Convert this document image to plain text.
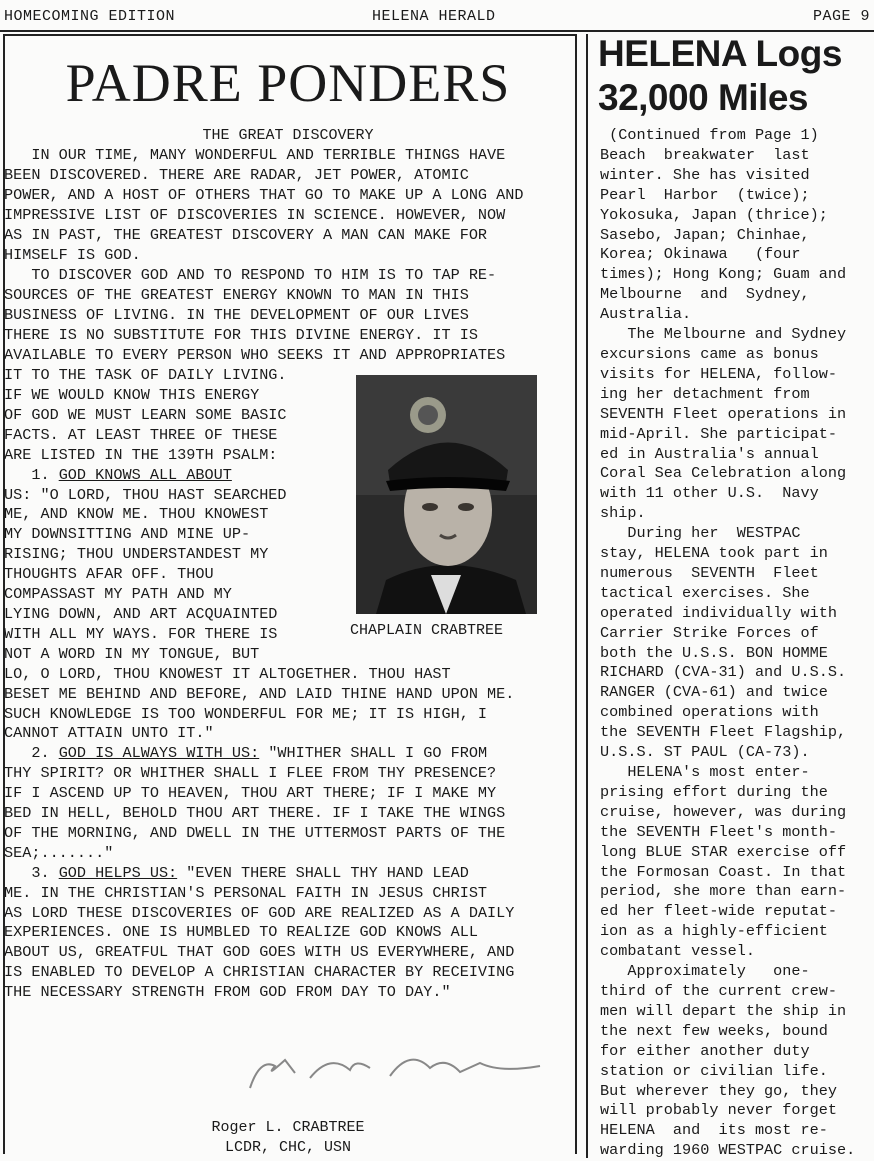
HOMECOMING EDITION	HELENA HERALD	PAGE 9
PADRE PONDERS
THE GREAT DISCOVERY
IN OUR TIME, MANY WONDERFUL AND TERRIBLE THINGS HAVE
BEEN DISCOVERED. THERE ARE RADAR, JET POWER, ATOMIC
POWER, AND A HOST OF OTHERS THAT GO TO MAKE UP A LONG AND
IMPRESSIVE LIST OF DISCOVERIES IN SCIENCE. HOWEVER, NOW
AS IN PAST, THE GREATEST DISCOVERY A MAN CAN MAKE FOR
HIMSELF IS GOD.
TO DISCOVER GOD AND TO RESPOND TO HIM IS TO TAP RE-
SOURCES OF THE GREATEST ENERGY KNOWN TO MAN IN THIS
BUSINESS OF LIVING. IN THE DEVELOPMENT OF OUR LIVES
THERE IS NO SUBSTITUTE FOR THIS DIVINE ENERGY. IT IS
AVAILABLE TO EVERY PERSON WHO SEEKS IT AND APPROPRIATES
IT TO THE TASK OF DAILY LIVING.
IF WE WOULD KNOW THIS ENERGY
OF GOD WE MUST LEARN SOME BASIC
FACTS. AT LEAST THREE OF THESE
ARE LISTED IN THE 139TH PSALM:
1. GOD KNOWS ALL ABOUT
US: "O LORD, THOU HAST SEARCHED
ME, AND KNOW ME. THOU KNOWEST
MY DOWNSITTING AND MINE UP-
RISING; THOU UNDERSTANDEST MY
THOUGHTS AFAR OFF. THOU
COMPASSAST MY PATH AND MY
LYING DOWN, AND ART ACQUAINTED
WITH ALL MY WAYS. FOR THERE IS
NOT A WORD IN MY TONGUE, BUT
LO, O LORD, THOU KNOWEST IT ALTOGETHER. THOU HAST
BESET ME BEHIND AND BEFORE, AND LAID THINE HAND UPON ME.
SUCH KNOWLEDGE IS TOO WONDERFUL FOR ME; IT IS HIGH, I
CANNOT ATTAIN UNTO IT."
2. GOD IS ALWAYS WITH US: "WHITHER SHALL I GO FROM
THY SPIRIT? OR WHITHER SHALL I FLEE FROM THY PRESENCE?
IF I ASCEND UP TO HEAVEN, THOU ART THERE; IF I MAKE MY
BED IN HELL, BEHOLD THOU ART THERE. IF I TAKE THE WINGS
OF THE MORNING, AND DWELL IN THE UTTERMOST PARTS OF THE
SEA;......."
3. GOD HELPS US: "EVEN THERE SHALL THY HAND LEAD
ME. IN THE CHRISTIAN'S PERSONAL FAITH IN JESUS CHRIST
AS LORD THESE DISCOVERIES OF GOD ARE REALIZED AS A DAILY
EXPERIENCES. ONE IS HUMBLED TO REALIZE GOD KNOWS ALL
ABOUT US, GREATFUL THAT GOD GOES WITH US EVERYWHERE, AND
IS ENABLED TO DEVELOP A CHRISTIAN CHARACTER BY RECEIVING
THE NECESSARY STRENGTH FROM GOD FROM DAY TO DAY."
CHAPLAIN CRABTREE
Roger L. CRABTREE
LCDR, CHC, USN
HELENA Logs
32,000 Miles
(Continued from Page 1)
Beach  breakwater  last
winter. She has visited
Pearl  Harbor  (twice);
Yokosuka, Japan (thrice);
Sasebo, Japan; Chinhae,
Korea; Okinawa   (four
times); Hong Kong; Guam and
Melbourne  and  Sydney,
Australia.
The Melbourne and Sydney
excursions came as bonus
visits for HELENA, follow-
ing her detachment from
SEVENTH Fleet operations in
mid-April. She participat-
ed in Australia's annual
Coral Sea Celebration along
with 11 other U.S.  Navy
ship.
During her  WESTPAC
stay, HELENA took part in
numerous  SEVENTH  Fleet
tactical exercises. She
operated individually with
Carrier Strike Forces of
both the U.S.S. BON HOMME
RICHARD (CVA-31) and U.S.S.
RANGER (CVA-61) and twice
combined operations with
the SEVENTH Fleet Flagship,
U.S.S. ST PAUL (CA-73).
HELENA's most enter-
prising effort during the
cruise, however, was during
the SEVENTH Fleet's month-
long BLUE STAR exercise off
the Formosan Coast. In that
period, she more than earn-
ed her fleet-wide reputat-
ion as a highly-efficient
combatant vessel.
Approximately   one-
third of the current crew-
men will depart the ship in
the next few weeks, bound
for either another duty
station or civilian life.
But wherever they go, they
will probably never forget
HELENA  and  its most re-
warding 1960 WESTPAC cruise.
